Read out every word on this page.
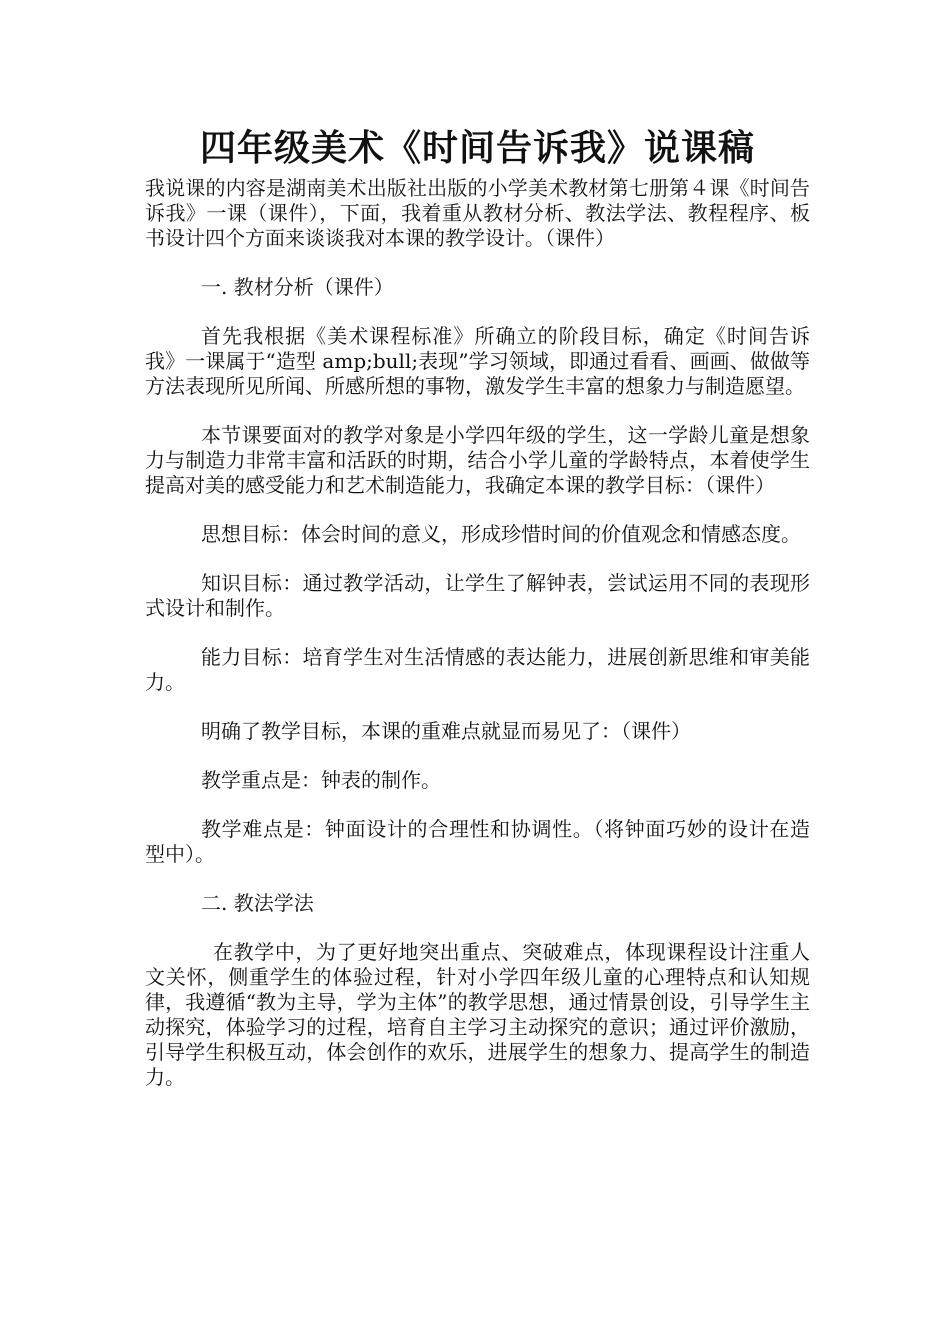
四年级美术《时间告诉我》说课稿

我说课的内容是湖南美术出版社出版的小学美术教材第七册第４课《时间告诉我》一课（课件），下面，我着重从教材分析、教法学法、教程程序、板书设计四个方面来谈谈我对本课的教学设计。（课件）

一. 教材分析（课件）

首先我根据《美术课程标准》所确立的阶段目标，确定《时间告诉我》一课属于“造型 amp;bull;表现”学习领域，即通过看看、画画、做做等方法表现所见所闻、所感所想的事物，激发学生丰富的想象力与制造愿望。

本节课要面对的教学对象是小学四年级的学生，这一学龄儿童是想象力与制造力非常丰富和活跃的时期，结合小学儿童的学龄特点，本着使学生提高对美的感受能力和艺术制造能力，我确定本课的教学目标：（课件）

思想目标：体会时间的意义，形成珍惜时间的价值观念和情感态度。

知识目标：通过教学活动，让学生了解钟表，尝试运用不同的表现形式设计和制作。

能力目标：培育学生对生活情感的表达能力，进展创新思维和审美能力。

明确了教学目标，本课的重难点就显而易见了：（课件）

教学重点是：钟表的制作。

教学难点是：钟面设计的合理性和协调性。（将钟面巧妙的设计在造型中）。

二. 教法学法

在教学中，为了更好地突出重点、突破难点，体现课程设计注重人文关怀，侧重学生的体验过程，针对小学四年级儿童的心理特点和认知规律，我遵循“教为主导，学为主体”的教学思想，通过情景创设，引导学生主动探究，体验学习的过程，培育自主学习主动探究的意识；通过评价激励，引导学生积极互动，体会创作的欢乐，进展学生的想象力、提高学生的制造力。
